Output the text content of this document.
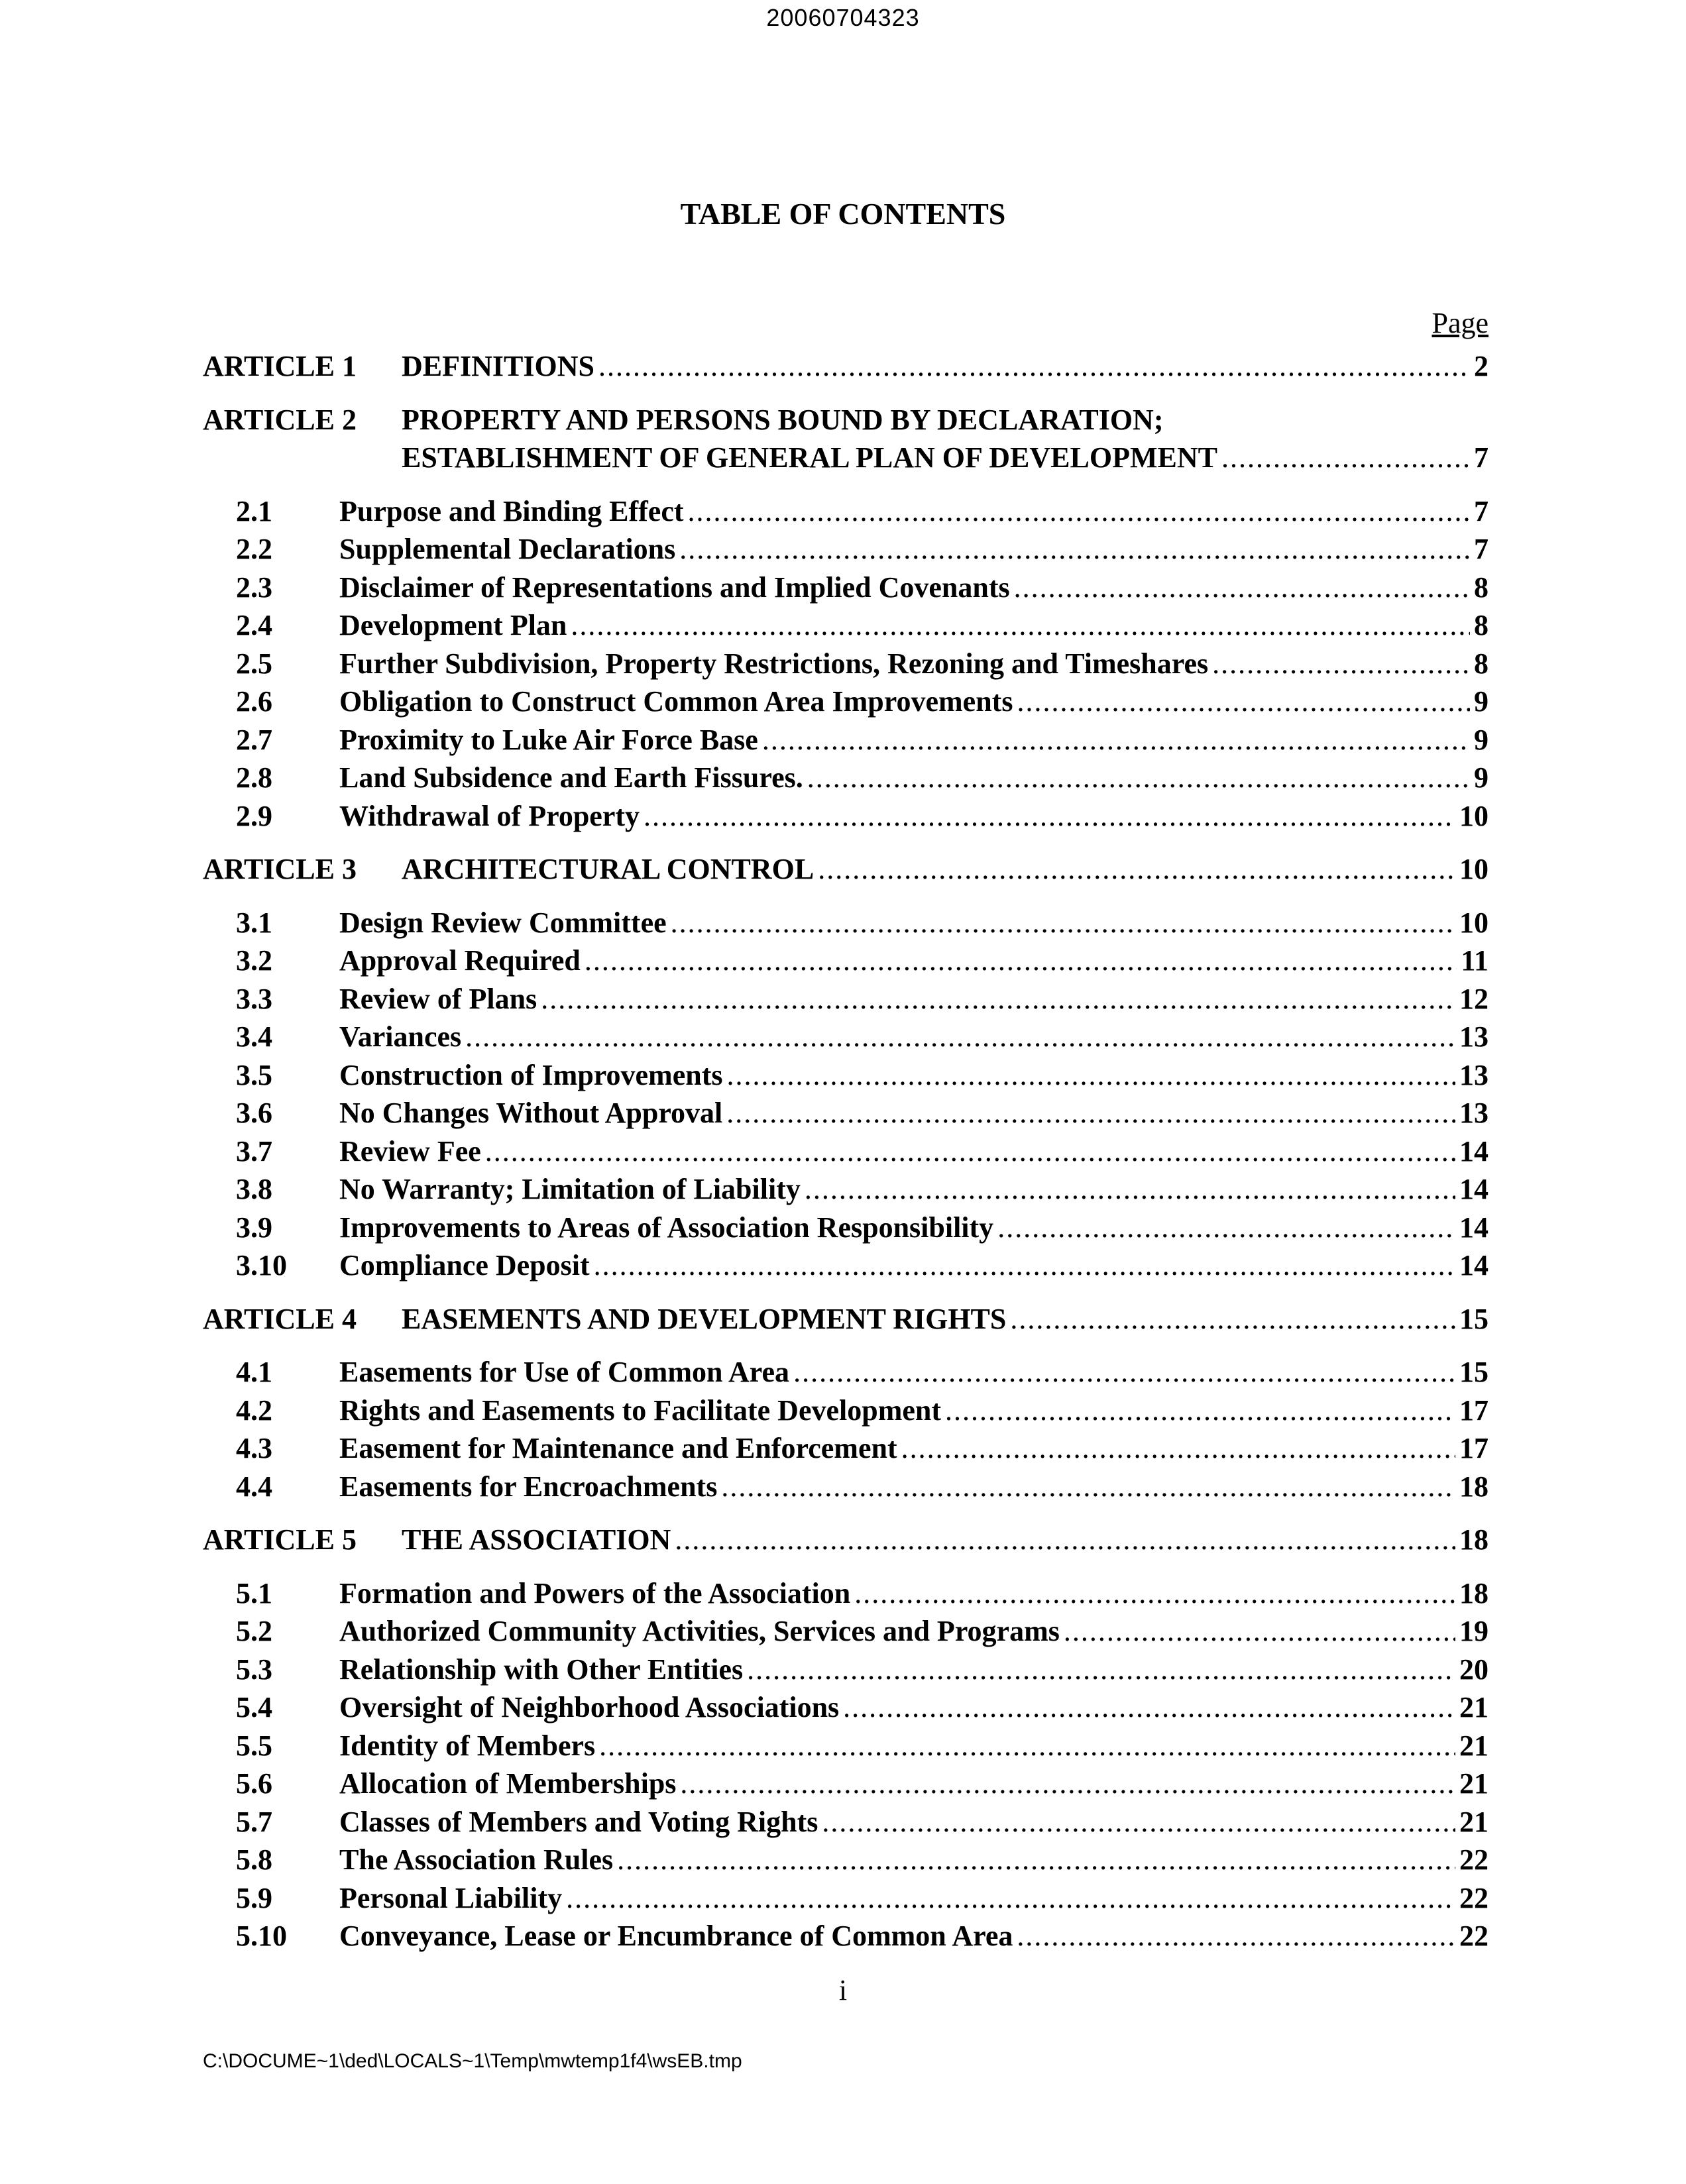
20060704323
TABLE OF CONTENTS
Page
ARTICLE 1	DEFINITIONS .....	2
ARTICLE 2	PROPERTY AND PERSONS BOUND BY DECLARATION;
ESTABLISHMENT OF GENERAL PLAN OF DEVELOPMENT .....	7
2.1	Purpose and Binding Effect .....	7
2.2	Supplemental Declarations .....	7
2.3	Disclaimer of Representations and Implied Covenants .....	8
2.4	Development Plan .....	8
2.5	Further Subdivision, Property Restrictions, Rezoning and Timeshares .....	8
2.6	Obligation to Construct Common Area Improvements .....	9
2.7	Proximity to Luke Air Force Base .....	9
2.8	Land Subsidence and Earth Fissures. .....	9
2.9	Withdrawal of Property .....	10
ARTICLE 3	ARCHITECTURAL CONTROL .....	10
3.1	Design Review Committee .....	10
3.2	Approval Required .....	11
3.3	Review of Plans .....	12
3.4	Variances .....	13
3.5	Construction of Improvements .....	13
3.6	No Changes Without Approval .....	13
3.7	Review Fee .....	14
3.8	No Warranty; Limitation of Liability .....	14
3.9	Improvements to Areas of Association Responsibility .....	14
3.10	Compliance Deposit .....	14
ARTICLE 4	EASEMENTS AND DEVELOPMENT RIGHTS .....	15
4.1	Easements for Use of Common Area .....	15
4.2	Rights and Easements to Facilitate Development .....	17
4.3	Easement for Maintenance and Enforcement .....	17
4.4	Easements for Encroachments .....	18
ARTICLE 5	THE ASSOCIATION .....	18
5.1	Formation and Powers of the Association .....	18
5.2	Authorized Community Activities, Services and Programs .....	19
5.3	Relationship with Other Entities .....	20
5.4	Oversight of Neighborhood Associations .....	21
5.5	Identity of Members .....	21
5.6	Allocation of Memberships .....	21
5.7	Classes of Members and Voting Rights .....	21
5.8	The Association Rules .....	22
5.9	Personal Liability .....	22
5.10	Conveyance, Lease or Encumbrance of Common Area .....	22
i
C:\DOCUME~1\ded\LOCALS~1\Temp\mwtemp1f4\wsEB.tmp
